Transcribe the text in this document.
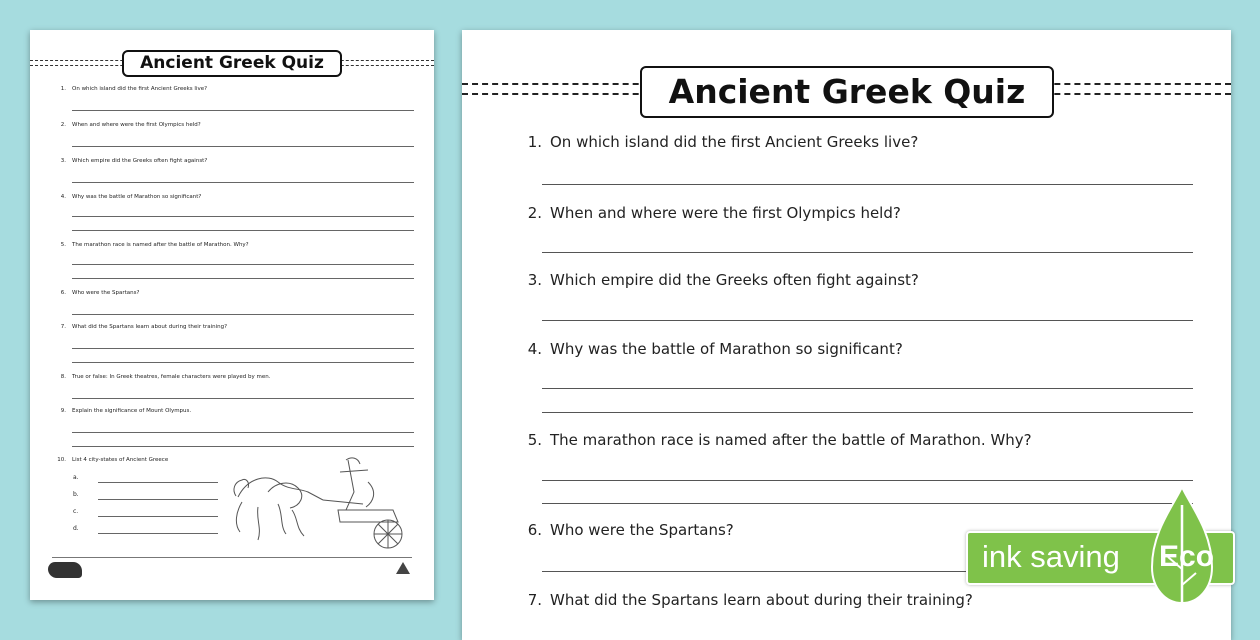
Ancient Greek Quiz
1. On which island did the first Ancient Greeks live?
2. When and where were the first Olympics held?
3. Which empire did the Greeks often fight against?
4. Why was the battle of Marathon so significant?
5. The marathon race is named after the battle of Marathon. Why?
6. Who were the Spartans?
7. What did the Spartans learn about during their training?
8. True or false: In Greek theatres, female characters were played by men.
9. Explain the significance of Mount Olympus.
10. List 4 city-states of Ancient Greece
a.
b.
c.
d.
Ancient Greek Quiz
1. On which island did the first Ancient Greeks live?
2. When and where were the first Olympics held?
3. Which empire did the Greeks often fight against?
4. Why was the battle of Marathon so significant?
5. The marathon race is named after the battle of Marathon. Why?
6. Who were the Spartans?
7. What did the Spartans learn about during their training?
ink saving Eco
